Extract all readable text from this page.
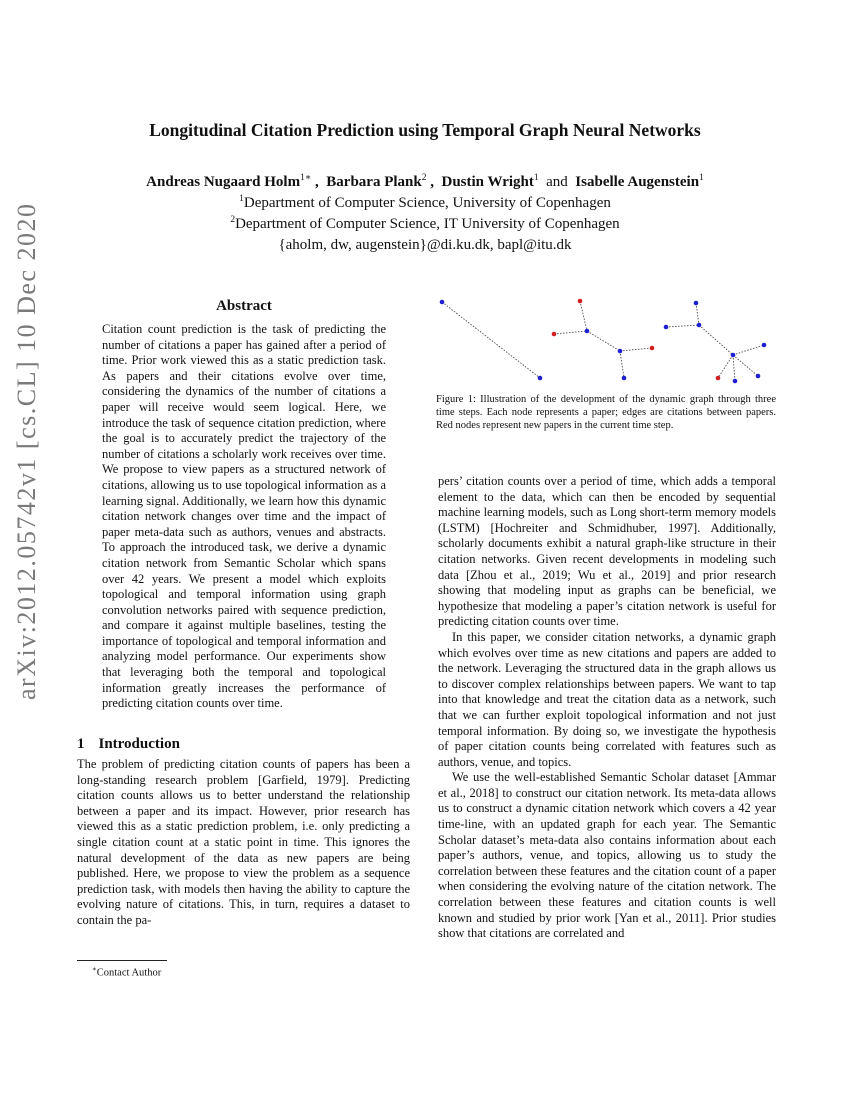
Longitudinal Citation Prediction using Temporal Graph Neural Networks
Andreas Nugaard Holm$^{1∗}$ ,  Barbara Plank$^2$ ,  Dustin Wright$^1$ and Isabelle Augenstein$^1$
$^1$Department of Computer Science, University of Copenhagen
$^2$Department of Computer Science, IT University of Copenhagen
{aholm, dw, augenstein}@di.ku.dk, bapl@itu.dk
arXiv:2012.05742v1 [cs.CL] 10 Dec 2020	Abstract
Citation count prediction is the task of predicting the number of citations a paper has gained after a period of time. Prior work viewed this as a static prediction task. As papers and their citations evolve over time, considering the dynamics of the number of citations a paper will receive would seem logical. Here, we introduce the task of sequence citation prediction, where the goal is to accurately predict the trajectory of the number of citations a scholarly work receives over time. We propose to view papers as a structured network of citations, allowing us to use topological information as a learning signal. Additionally, we learn how this dynamic citation network changes over time and the impact of paper meta-data such as authors, venues and abstracts. To approach the introduced task, we derive a dynamic citation network from Semantic Scholar which spans over 42 years. We present a model which exploits topological and temporal information using graph convolution networks paired with sequence prediction, and compare it against multiple baselines, testing the importance of topological and temporal information and analyzing model performance. Our experiments show that leveraging both the temporal and topological information greatly increases the performance of predicting citation counts over time.
1 Introduction
The problem of predicting citation counts of papers has been a long-standing research problem [Garfield, 1979]. Predicting citation counts allows us to better understand the relationship between a paper and its impact. However, prior research has viewed this as a static prediction problem, i.e. only predicting a single citation count at a static point in time. This ignores the natural development of the data as new papers are being published. Here, we propose to view the problem as a sequence prediction task, with models then having the ability to capture the evolving nature of citations. This, in turn, requires a dataset to contain the pa-
∗Contact Author
Figure 1: Illustration of the development of the dynamic graph through three time steps. Each node represents a paper; edges are citations between papers. Red nodes represent new papers in the current time step.

pers’ citation counts over a period of time, which adds a temporal element to the data, which can then be encoded by sequential machine learning models, such as Long short-term memory models (LSTM) [Hochreiter and Schmidhuber, 1997]. Additionally, scholarly documents exhibit a natural graph-like structure in their citation networks. Given recent developments in modeling such data [Zhou et al., 2019; Wu et al., 2019] and prior research showing that modeling input as graphs can be beneficial, we hypothesize that modeling a paper’s citation network is useful for predicting citation counts over time.

In this paper, we consider citation networks, a dynamic graph which evolves over time as new citations and papers are added to the network. Leveraging the structured data in the graph allows us to discover complex relationships between papers. We want to tap into that knowledge and treat the citation data as a network, such that we can further exploit topological information and not just temporal information. By doing so, we investigate the hypothesis of paper citation counts being correlated with features such as authors, venue, and topics.

We use the well-established Semantic Scholar dataset [Ammar et al., 2018] to construct our citation network. Its meta-data allows us to construct a dynamic citation network which covers a 42 year time-line, with an updated graph for each year. The Semantic Scholar dataset’s meta-data also contains information about each paper’s authors, venue, and topics, allowing us to study the correlation between these features and the citation count of a paper when considering the evolving nature of the citation network. The correlation between these features and citation counts is well known and studied by prior work [Yan et al., 2011]. Prior studies show that citations are correlated and
